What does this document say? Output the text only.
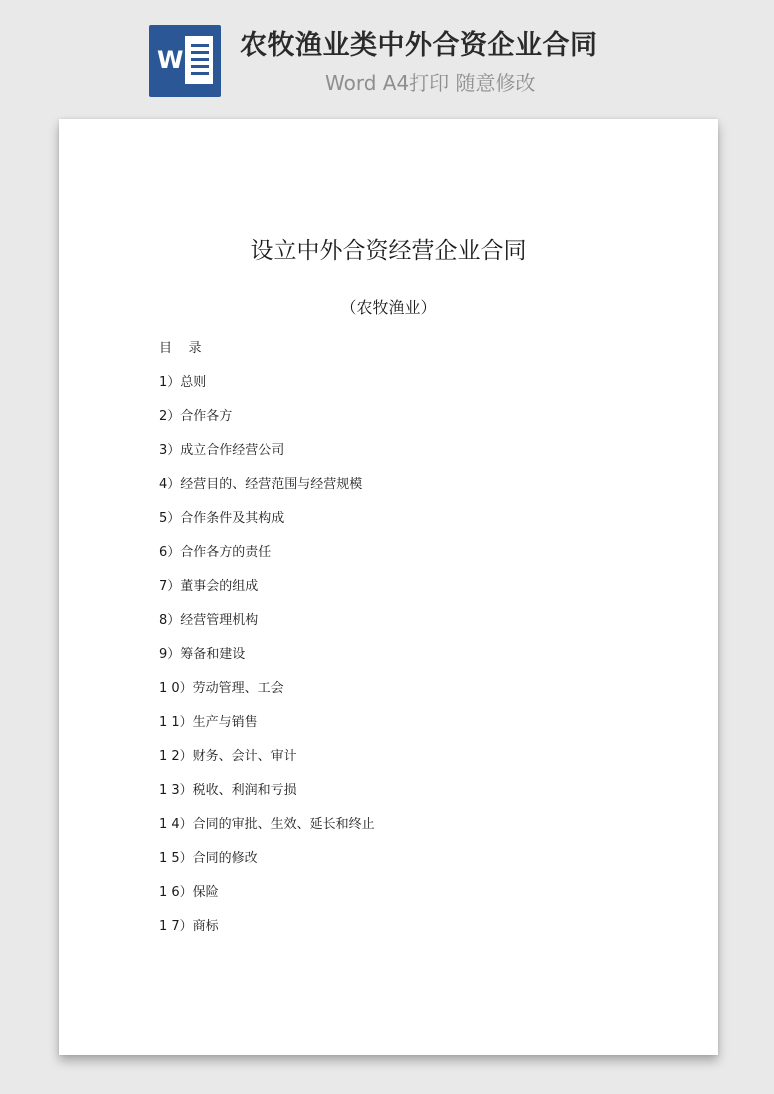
W 农牧渔业类中外合资企业合同
Word A4打印 随意修改
设立中外合资经营企业合同
（农牧渔业）
目    录
1）总则
2）合作各方
3）成立合作经营公司
4）经营目的、经营范围与经营规模
5）合作条件及其构成
6）合作各方的责任
7）董事会的组成
8）经营管理机构
9）筹备和建设
1 0）劳动管理、工会
1 1）生产与销售
1 2）财务、会计、审计
1 3）税收、利润和亏损
1 4）合同的审批、生效、延长和终止
1 5）合同的修改
1 6）保险
1 7）商标
